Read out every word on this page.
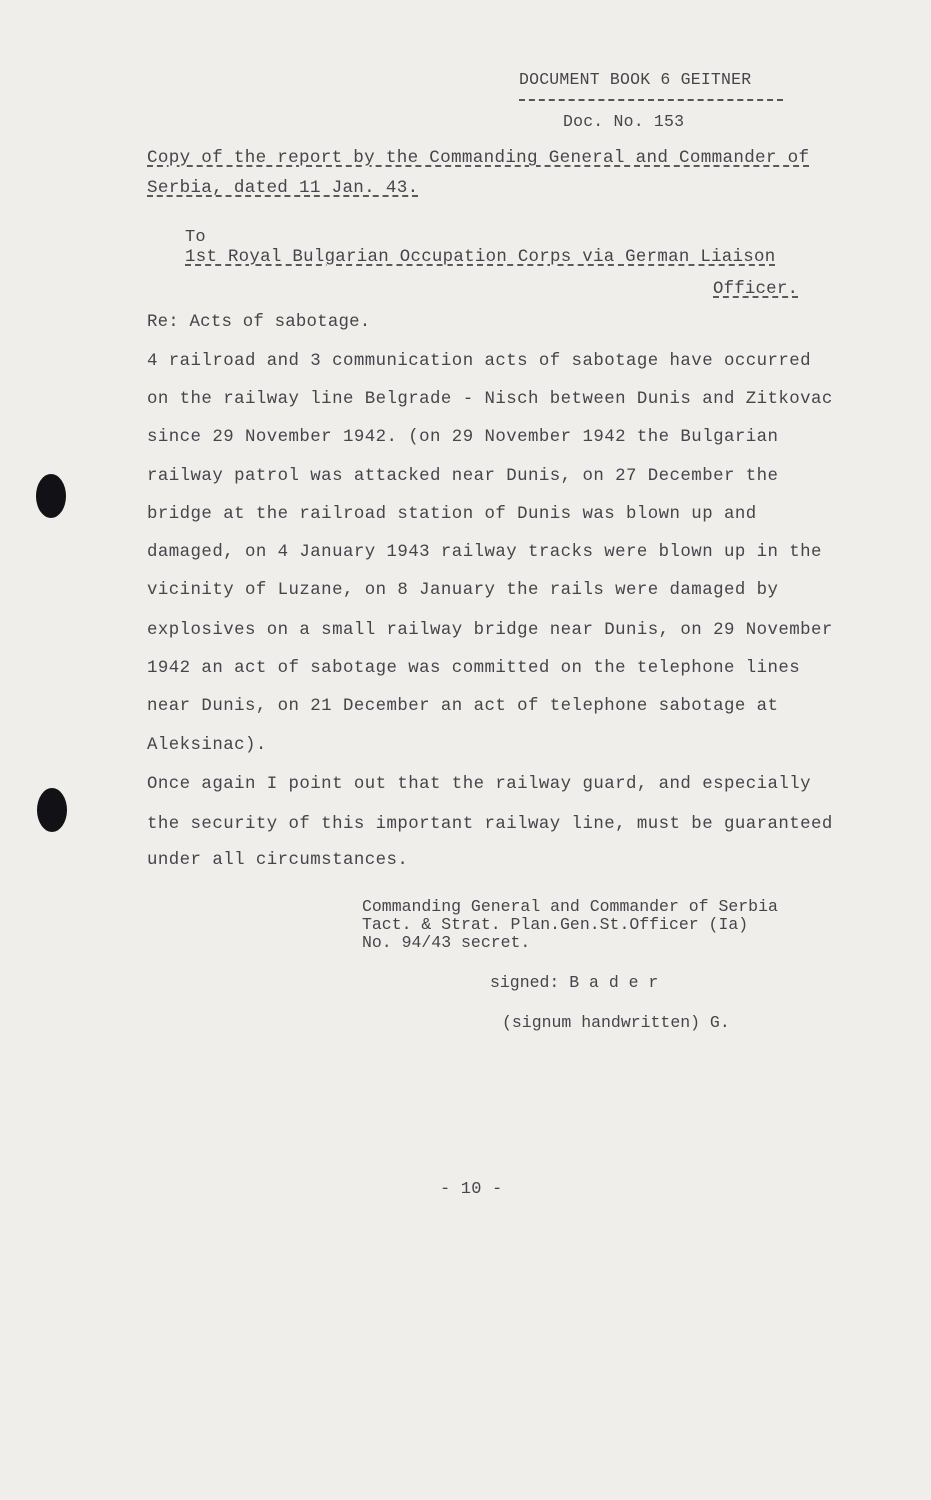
DOCUMENT BOOK 6 GEITNER
Doc. No. 153
Copy of the report by the Commanding General and Commander of
Serbia, dated 11 Jan. 43.
To
1st Royal Bulgarian Occupation Corps via German Liaison
Officer.
Re: Acts of sabotage.
4 railroad and 3 communication acts of sabotage have occurred
on the railway line Belgrade - Nisch between Dunis and Zitkovac
since 29 November 1942. (on 29 November 1942 the Bulgarian
railway patrol was attacked near Dunis, on 27 December the
bridge at the railroad station of Dunis was blown up and
damaged, on 4 January 1943 railway tracks were blown up in the
vicinity of Luzane, on 8 January the rails were damaged by
explosives on a small railway bridge near Dunis, on 29 November
1942 an act of sabotage was committed on the telephone lines
near Dunis, on 21 December an act of telephone sabotage at
Aleksinac).
Once again I point out that the railway guard, and especially
the security of this important railway line, must be guaranteed
under all circumstances.
Commanding General and Commander of Serbia
Tact. & Strat. Plan.Gen.St.Officer (Ia)
No. 94/43 secret.
signed: B a d e r
(signum handwritten) G.
- 10 -
